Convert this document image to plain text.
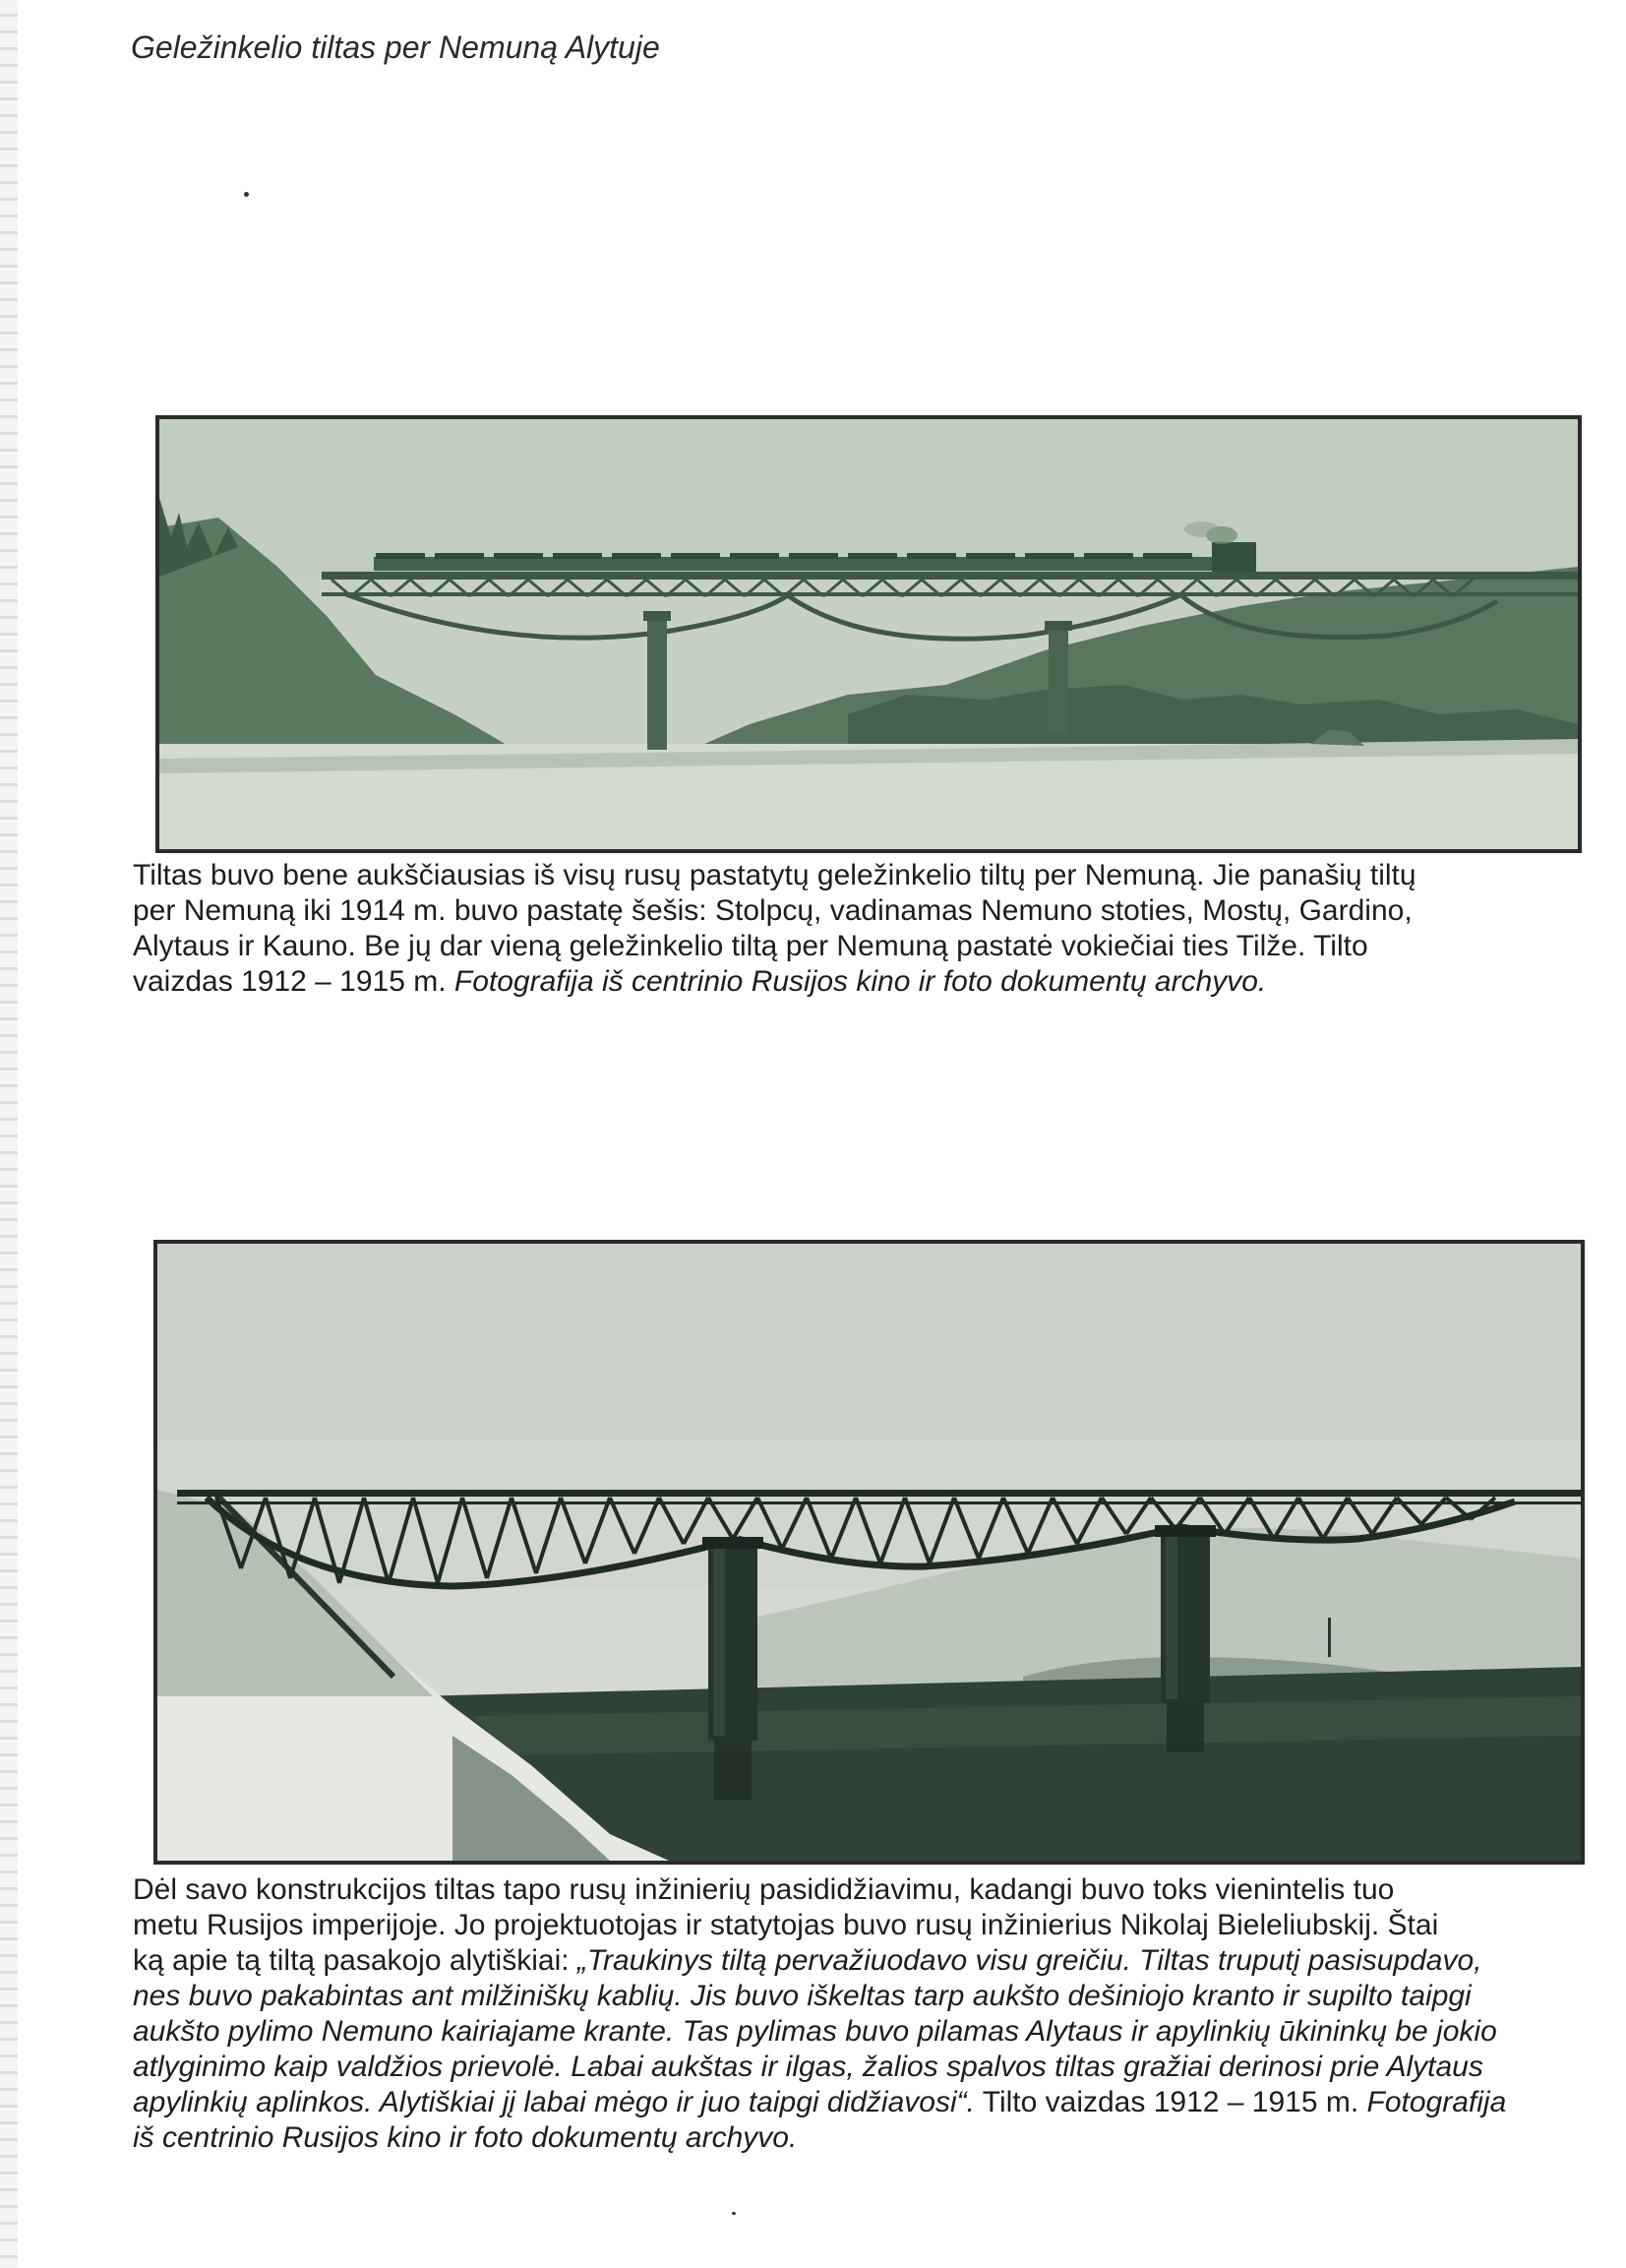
Geležinkelio tiltas per Nemuną Alytuje
Tiltas buvo bene aukščiausias iš visų rusų pastatytų geležinkelio tiltų per Nemuną. Jie panašių tiltų
per Nemuną iki 1914 m. buvo pastatę šešis: Stolpcų, vadinamas Nemuno stoties, Mostų, Gardino,
Alytaus ir Kauno. Be jų dar vieną geležinkelio tiltą per Nemuną pastatė vokiečiai ties Tilže. Tilto
vaizdas 1912 – 1915 m. Fotografija iš centrinio Rusijos kino ir foto dokumentų archyvo.
Dėl savo konstrukcijos tiltas tapo rusų inžinierių pasididžiavimu, kadangi buvo toks vienintelis tuo
metu Rusijos imperijoje. Jo projektuotojas ir statytojas buvo rusų inžinierius Nikolaj Bieleliubskij. Štai
ką apie tą tiltą pasakojo alytiškiai: „Traukinys tiltą pervažiuodavo visu greičiu. Tiltas truputį pasisupdavo,
nes buvo pakabintas ant milžiniškų kablių. Jis buvo iškeltas tarp aukšto dešiniojo kranto ir supilto taipgi
aukšto pylimo Nemuno kairiajame krante. Tas pylimas buvo pilamas Alytaus ir apylinkių ūkininkų be jokio
atlyginimo kaip valdžios prievolė. Labai aukštas ir ilgas, žalios spalvos tiltas gražiai derinosi prie Alytaus
apylinkių aplinkos. Alytiškiai jį labai mėgo ir juo taipgi didžiavosi“. Tilto vaizdas 1912 – 1915 m. Fotografija
iš centrinio Rusijos kino ir foto dokumentų archyvo.
